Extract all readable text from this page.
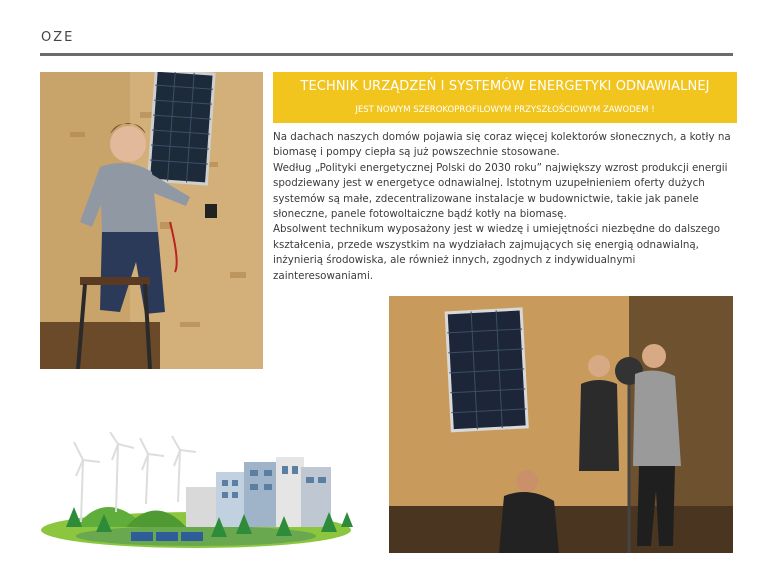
OZE
TECHNIK URZĄDZEŃ I SYSTEMÓW ENERGETYKI ODNAWIALNEJ
JEST NOWYM SZEROKOPROFILOWYM PRZYSZŁOŚCIOWYM ZAWODEM !

Na dachach naszych domów pojawia się coraz więcej kolektorów słonecznych, a kotły na biomasę i pompy ciepła są już powszechnie stosowane.

Według „Polityki energetycznej Polski do 2030 roku” największy wzrost produkcji energii spodziewany jest w energetyce odnawialnej. Istotnym uzupełnieniem oferty dużych systemów są małe, zdecentralizowane instalacje w budownictwie, takie jak panele słoneczne, panele fotowoltaiczne bądź kotły na biomasę.

Absolwent technikum wyposażony jest w wiedzę i umiejętności niezbędne do dalszego kształcenia, przede wszystkim na wydziałach zajmujących się energią odnawialną, inżynierią środowiska, ale również innych, zgodnych z indywidualnymi zainteresowaniami.
